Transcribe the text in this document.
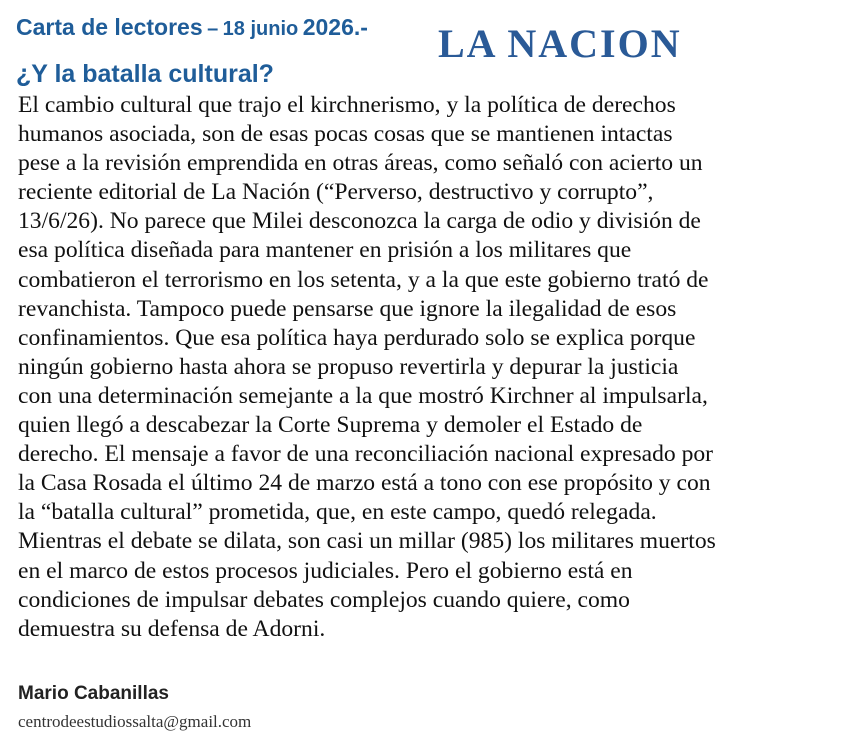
Carta de lectores – 18 junio 2026.-
¿Y la batalla cultural?
LA NACION
El cambio cultural que trajo el kirchnerismo, y la política de derechos
humanos asociada, son de esas pocas cosas que se mantienen intactas
pese a la revisión emprendida en otras áreas, como señaló con acierto un
reciente editorial de La Nación (“Perverso, destructivo y corrupto”,
13/6/26). No parece que Milei desconozca la carga de odio y división de
esa política diseñada para mantener en prisión a los militares que
combatieron el terrorismo en los setenta, y a la que este gobierno trató de
revanchista. Tampoco puede pensarse que ignore la ilegalidad de esos
confinamientos. Que esa política haya perdurado solo se explica porque
ningún gobierno hasta ahora se propuso revertirla y depurar la justicia
con una determinación semejante a la que mostró Kirchner al impulsarla,
quien llegó a descabezar la Corte Suprema y demoler el Estado de
derecho. El mensaje a favor de una reconciliación nacional expresado por
la Casa Rosada el último 24 de marzo está a tono con ese propósito y con
la “batalla cultural” prometida, que, en este campo, quedó relegada.
Mientras el debate se dilata, son casi un millar (985) los militares muertos
en el marco de estos procesos judiciales. Pero el gobierno está en
condiciones de impulsar debates complejos cuando quiere, como
demuestra su defensa de Adorni.
Mario Cabanillas
centrodeestudiossalta@gmail.com
